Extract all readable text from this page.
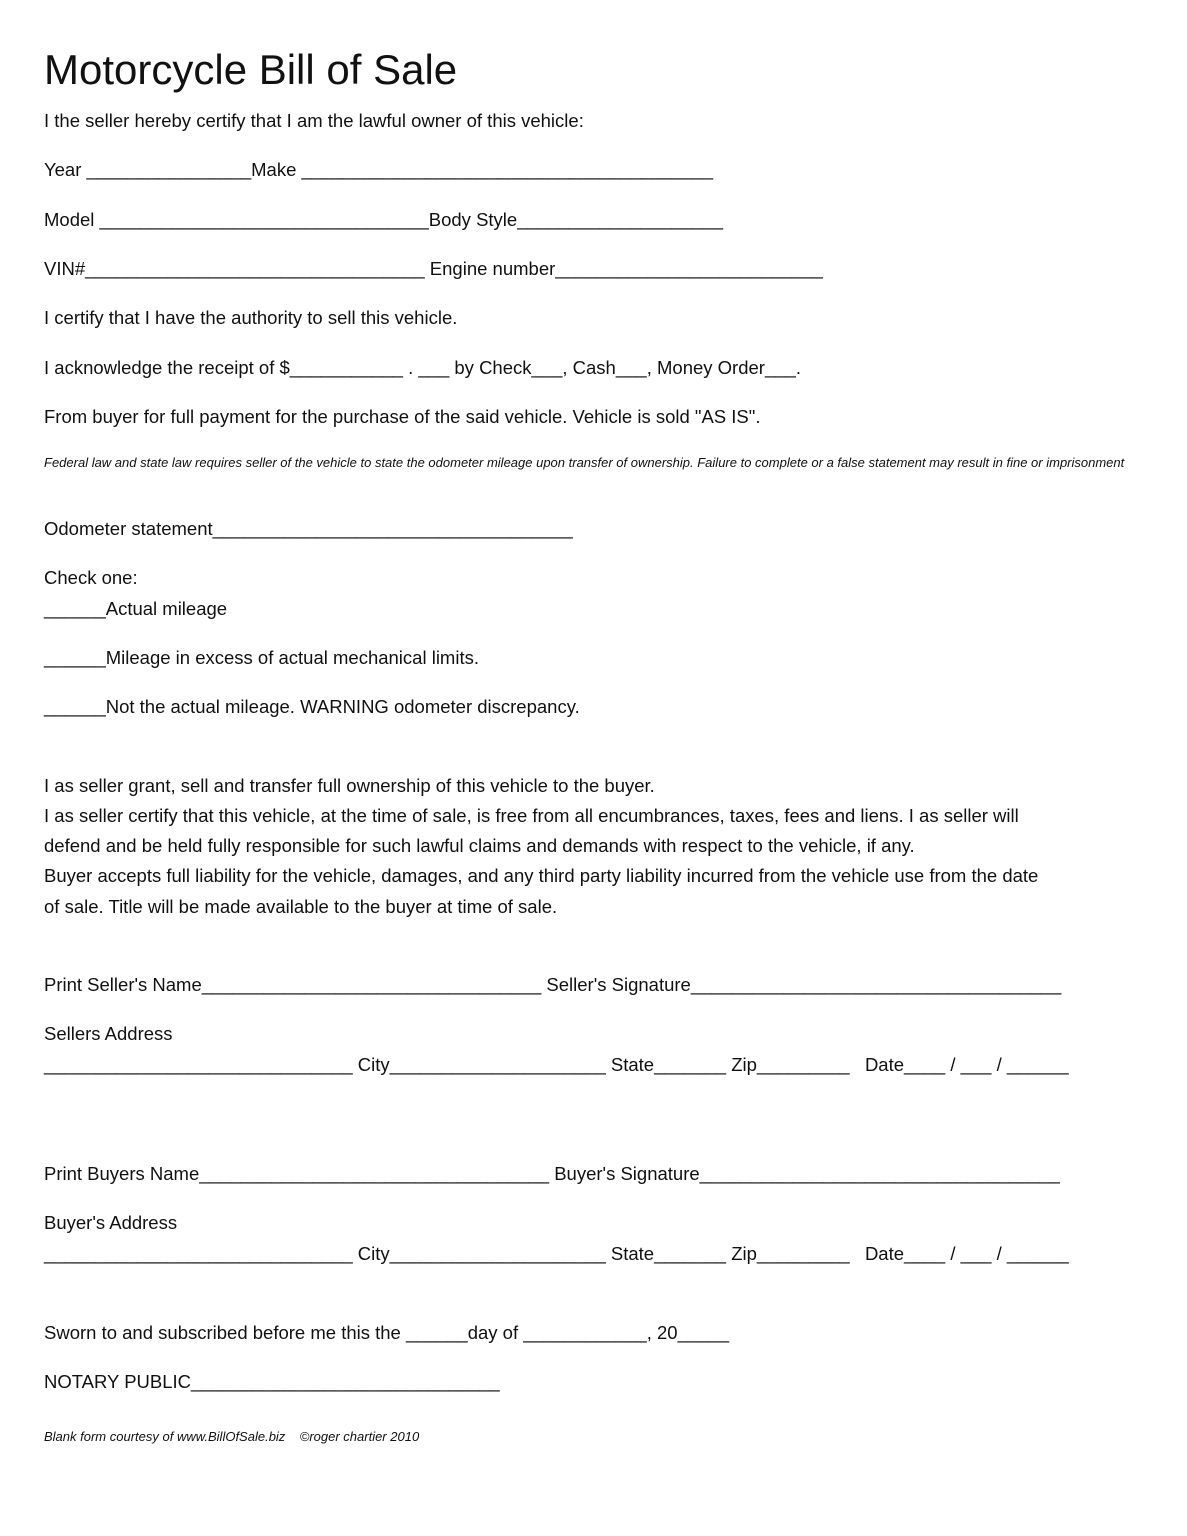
Motorcycle Bill of Sale
I the seller hereby certify that I am the lawful owner of this vehicle:
Year ________________Make ________________________________________
Model ________________________________Body Style____________________
VIN#_________________________________ Engine number__________________________
I certify that I have the authority to sell this vehicle.
I acknowledge the receipt of $___________ . ___ by Check___, Cash___, Money Order___.
From buyer for full payment for the purchase of the said vehicle. Vehicle is sold "AS IS".
Federal law and state law requires seller of the vehicle to state the odometer mileage upon transfer of ownership. Failure to complete or a false statement may result in fine or imprisonment
Odometer statement___________________________________
Check one:
______Actual mileage
______Mileage in excess of actual mechanical limits.
______Not the actual mileage. WARNING odometer discrepancy.
I as seller grant, sell and transfer full ownership of this vehicle to the buyer.
I as seller certify that this vehicle, at the time of sale, is free from all encumbrances, taxes, fees and liens. I as seller will
defend and be held fully responsible for such lawful claims and demands with respect to the vehicle, if any.
Buyer accepts full liability for the vehicle, damages, and any third party liability incurred from the vehicle use from the date
of sale. Title will be made available to the buyer at time of sale.
Print Seller's Name_________________________________ Seller's Signature____________________________________
Sellers Address
______________________________ City_____________________ State_______ Zip_________   Date____ / ___ / ______
Print Buyers Name__________________________________ Buyer's Signature___________________________________
Buyer's Address
______________________________ City_____________________ State_______ Zip_________   Date____ / ___ / ______
Sworn to and subscribed before me this the ______day of ____________, 20_____
NOTARY PUBLIC______________________________
Blank form courtesy of www.BillOfSale.biz    ©roger chartier 2010
